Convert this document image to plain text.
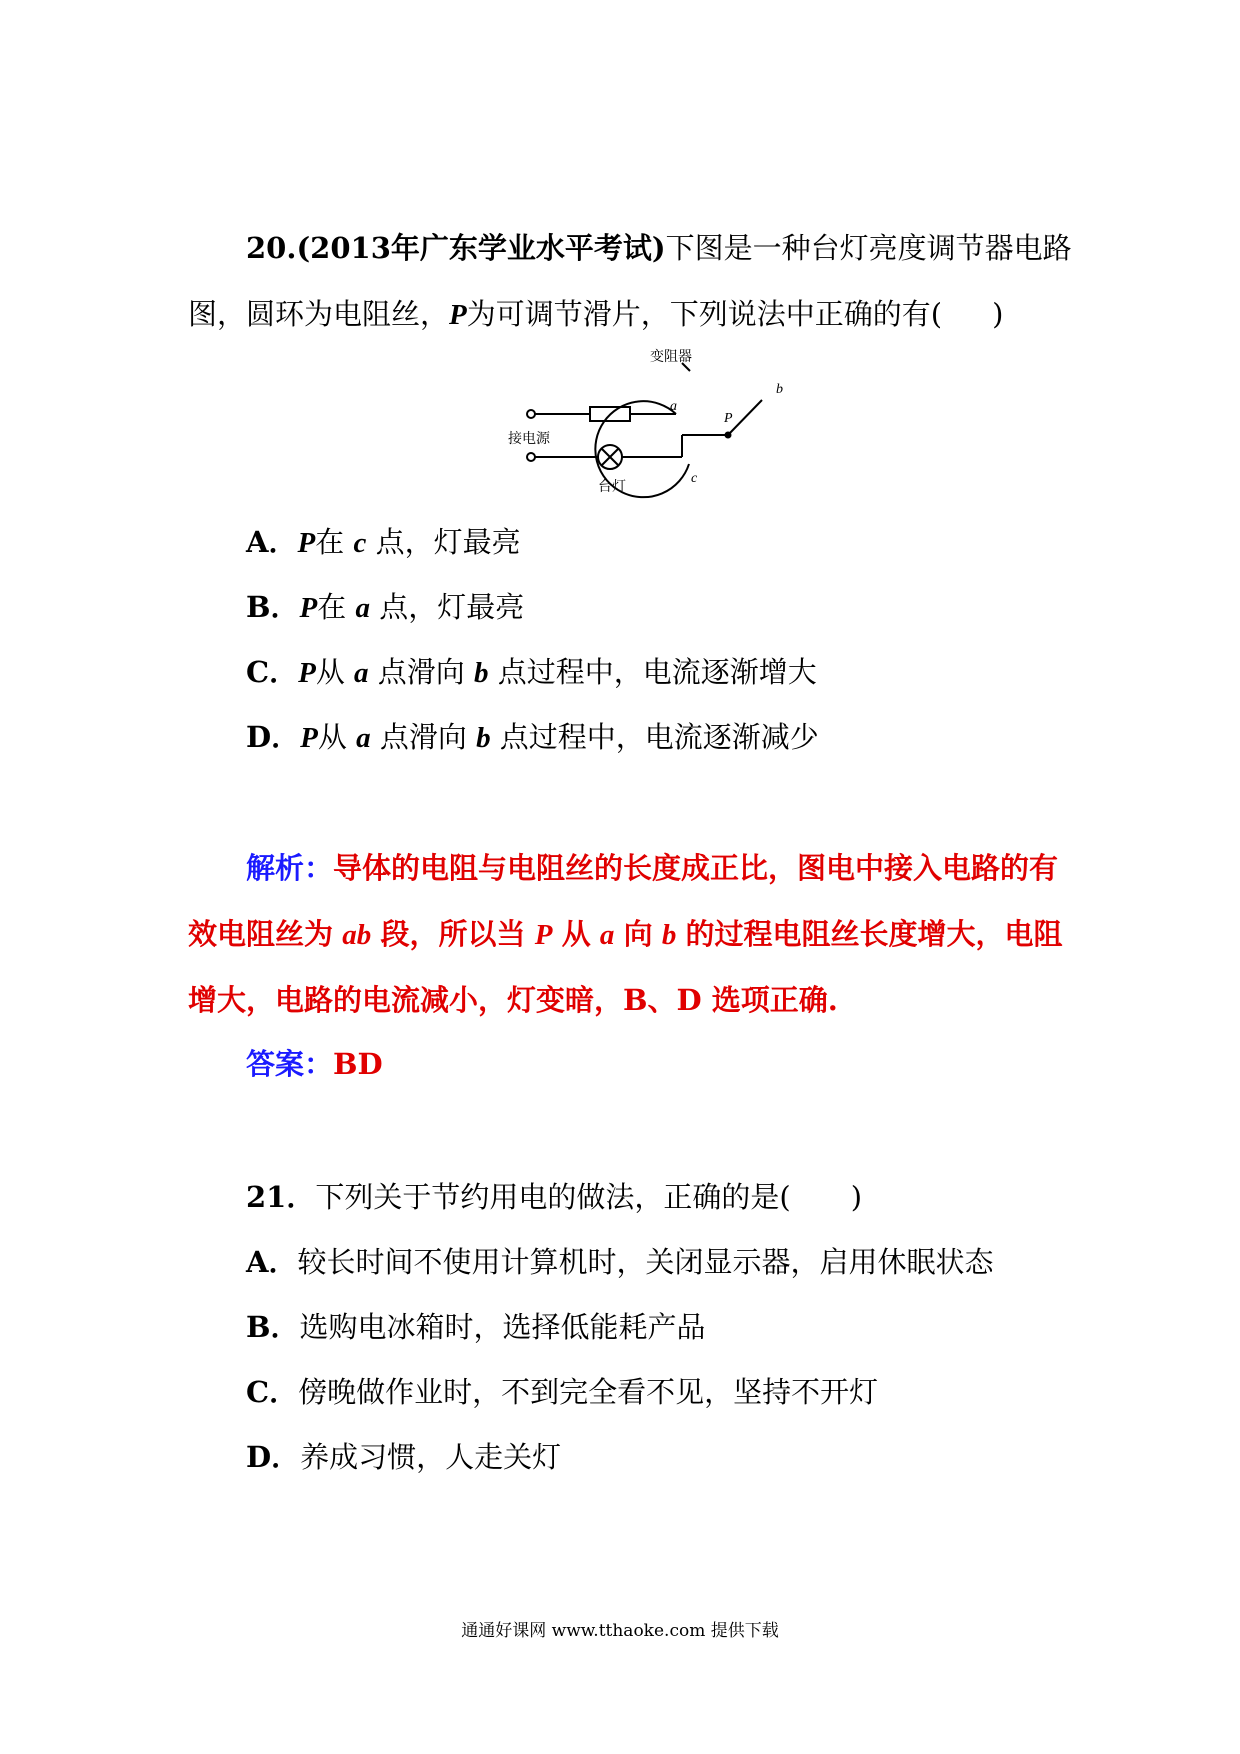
20.(2013年广东学业水平考试)下图是一种台灯亮度调节器电路
图，圆环为电阻丝，P为可调节滑片，下列说法中正确的有( )
变阻器
接电源
台灯
a
b
c
P
A．P在 c 点，灯最亮
B．P在 a 点，灯最亮
C．P从 a 点滑向 b 点过程中，电流逐渐增大
D．P从 a 点滑向 b 点过程中，电流逐渐减少
解析：导体的电阻与电阻丝的长度成正比，图电中接入电路的有
效电阻丝为 ab 段，所以当 P 从 a 向 b 的过程电阻丝长度增大，电阻
增大，电路的电流减小，灯变暗，B、D 选项正确.
答案：BD
21．下列关于节约用电的做法，正确的是( )
A．较长时间不使用计算机时，关闭显示器，启用休眠状态
B．选购电冰箱时，选择低能耗产品
C．傍晚做作业时，不到完全看不见，坚持不开灯
D．养成习惯，人走关灯
通通好课网 www.tthaoke.com 提供下载
